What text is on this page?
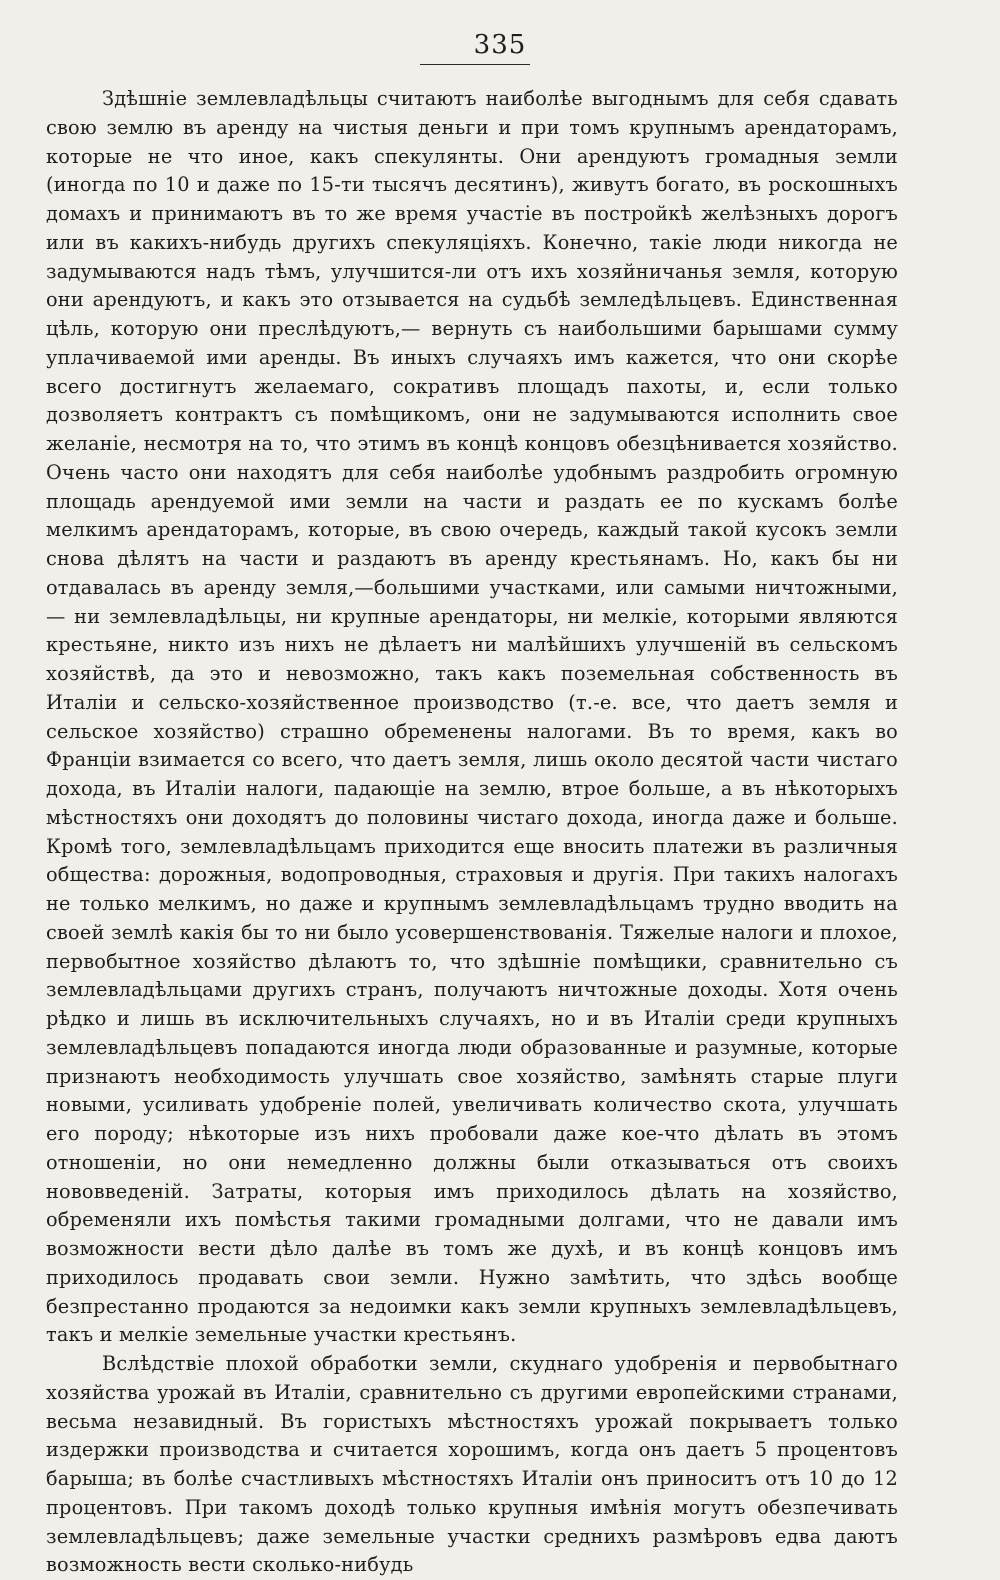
335

Здѣшніе землевладѣльцы считаютъ наиболѣе выгоднымъ для себя сдавать свою землю въ аренду на чистыя деньги и при томъ крупнымъ арендаторамъ, которые не что иное, какъ спекулянты. Они арендуютъ громадныя земли (иногда по 10 и даже по 15-ти тысячъ десятинъ), живутъ богато, въ роскошныхъ домахъ и принимаютъ въ то же время участіе въ постройкѣ желѣзныхъ дорогъ или въ какихъ-нибудь другихъ спекуляціяхъ. Конечно, такіе люди никогда не задумываются надъ тѣмъ, улучшится-ли отъ ихъ хозяйничанья земля, которую они арендуютъ, и какъ это отзывается на судьбѣ земледѣльцевъ. Единственная цѣль, которую они преслѣдуютъ,— вернуть съ наибольшими барышами сумму уплачиваемой ими аренды. Въ иныхъ случаяхъ имъ кажется, что они скорѣе всего достигнутъ желаемаго, сокративъ площадъ пахоты, и, если только дозволяетъ контрактъ съ помѣщикомъ, они не задумываются исполнить свое желаніе, несмотря на то, что этимъ въ концѣ концовъ обезцѣнивается хозяйство. Очень часто они находятъ для себя наиболѣе удобнымъ раздробить огромную площадь арендуемой ими земли на части и раздать ее по кускамъ болѣе мелкимъ арендаторамъ, которые, въ свою очередь, каждый такой кусокъ земли снова дѣлятъ на части и раздаютъ въ аренду крестьянамъ. Но, какъ бы ни отдавалась въ аренду земля,—большими участками, или самыми ничтожными, — ни землевладѣльцы, ни крупные арендаторы, ни мелкіе, которыми являются крестьяне, никто изъ нихъ не дѣлаетъ ни малѣйшихъ улучшеній въ сельскомъ хозяйствѣ, да это и невозможно, такъ какъ поземельная собственность въ Италіи и сельско-хозяйственное производство (т.-е. все, что даетъ земля и сельское хозяйство) страшно обременены налогами. Въ то время, какъ во Франціи взимается со всего, что даетъ земля, лишь около десятой части чистаго дохода, въ Италіи налоги, падающіе на землю, втрое больше, а въ нѣкоторыхъ мѣстностяхъ они доходятъ до половины чистаго дохода, иногда даже и больше. Кромѣ того, землевладѣльцамъ приходится еще вносить платежи въ различныя общества: дорожныя, водопроводныя, страховыя и другія. При такихъ налогахъ не только мелкимъ, но даже и крупнымъ землевладѣльцамъ трудно вводить на своей землѣ какія бы то ни было усовершенствованія. Тяжелые налоги и плохое, первобытное хозяйство дѣлаютъ то, что здѣшніе помѣщики, сравнительно съ землевладѣльцами другихъ странъ, получаютъ ничтожные доходы. Хотя очень рѣдко и лишь въ исключительныхъ случаяхъ, но и въ Италіи среди крупныхъ землевладѣльцевъ попадаются иногда люди образованные и разумные, которые признаютъ необходимость улучшать свое хозяйство, замѣнять старые плуги новыми, усиливать удобреніе полей, увеличивать количество скота, улучшать его породу; нѣкоторые изъ нихъ пробовали даже кое-что дѣлать въ этомъ отношеніи, но они немедленно должны были отказываться отъ своихъ нововведеній. Затраты, которыя имъ приходилось дѣлать на хозяйство, обременяли ихъ помѣстья такими громадными долгами, что не давали имъ возможности вести дѣло далѣе въ томъ же духѣ, и въ концѣ концовъ имъ приходилось продавать свои земли. Нужно замѣтить, что здѣсь вообще безпрестанно продаются за недоимки какъ земли крупныхъ землевладѣльцевъ, такъ и мелкіе земельные участки крестьянъ.

Вслѣдствіе плохой обработки земли, скуднаго удобренія и первобытнаго хозяйства урожай въ Италіи, сравнительно съ другими европейскими странами, весьма незавидный. Въ гористыхъ мѣстностяхъ урожай покрываетъ только издержки производства и считается хорошимъ, когда онъ даетъ 5 процентовъ барыша; въ болѣе счастливыхъ мѣстностяхъ Италіи онъ приноситъ отъ 10 до 12 процентовъ. При такомъ доходѣ только крупныя имѣнія могутъ обезпечивать землевладѣльцевъ; даже земельные участки среднихъ размѣровъ едва даютъ возможность вести сколько-нибудь
